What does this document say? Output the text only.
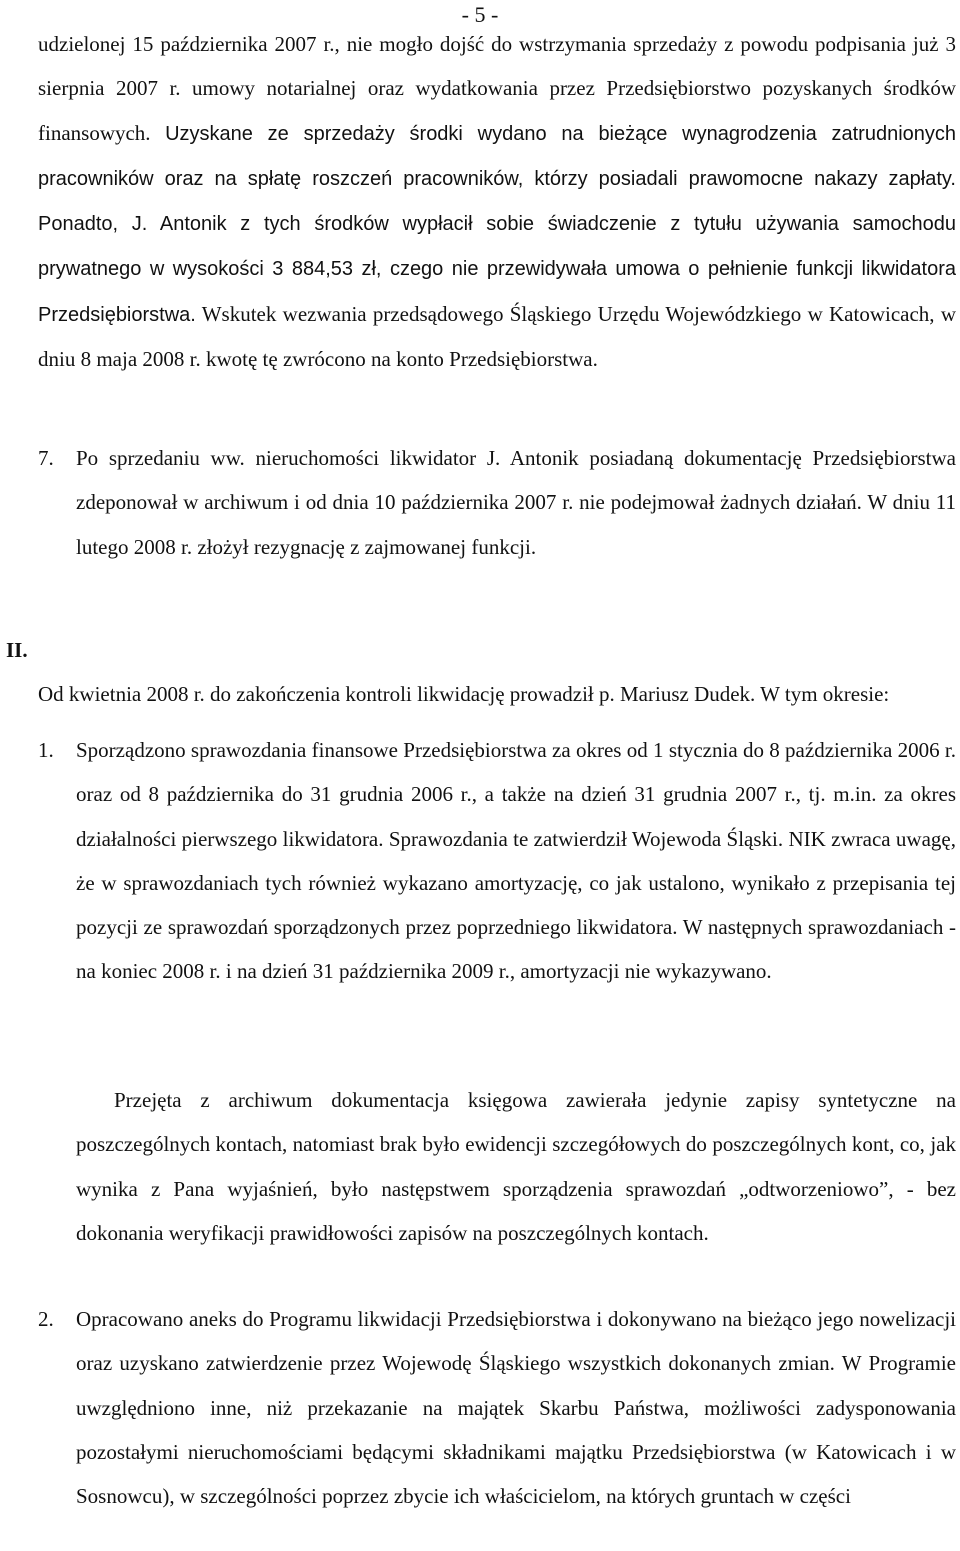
- 5 -
udzielonej 15 października 2007 r., nie mogło dojść do wstrzymania sprzedaży z powodu podpisania już 3 sierpnia 2007 r. umowy notarialnej oraz wydatkowania przez Przedsiębiorstwo pozyskanych środków finansowych. Uzyskane ze sprzedaży środki wydano na bieżące wynagrodzenia zatrudnionych pracowników oraz na spłatę roszczeń pracowników, którzy posiadali prawomocne nakazy zapłaty. Ponadto, J. Antonik z tych środków wypłacił sobie świadczenie z tytułu używania samochodu prywatnego w wysokości 3 884,53 zł, czego nie przewidywała umowa o pełnienie funkcji likwidatora Przedsiębiorstwa. Wskutek wezwania przedsądowego Śląskiego Urzędu Wojewódzkiego w Katowicach, w dniu 8 maja 2008 r. kwotę tę zwrócono na konto Przedsiębiorstwa.
7. Po sprzedaniu ww. nieruchomości likwidator J. Antonik posiadaną dokumentację Przedsiębiorstwa zdeponował w archiwum i od dnia 10 października 2007 r. nie podejmował żadnych działań. W dniu 11 lutego 2008 r. złożył rezygnację z zajmowanej funkcji.
II.
Od kwietnia 2008 r. do zakończenia kontroli likwidację prowadził p. Mariusz Dudek. W tym okresie:
1. Sporządzono sprawozdania finansowe Przedsiębiorstwa za okres od 1 stycznia do 8 października 2006 r. oraz od 8 października do 31 grudnia 2006 r., a także na dzień 31 grudnia 2007 r., tj. m.in. za okres działalności pierwszego likwidatora. Sprawozdania te zatwierdził Wojewoda Śląski. NIK zwraca uwagę, że w sprawozdaniach tych również wykazano amortyzację, co jak ustalono, wynikało z przepisania tej pozycji ze sprawozdań sporządzonych przez poprzedniego likwidatora. W następnych sprawozdaniach - na koniec 2008 r. i na dzień 31 października 2009 r., amortyzacji nie wykazywano.
Przejęta z archiwum dokumentacja księgowa zawierała jedynie zapisy syntetyczne na poszczególnych kontach, natomiast brak było ewidencji szczegółowych do poszczególnych kont, co, jak wynika z Pana wyjaśnień, było następstwem sporządzenia sprawozdań „odtworzeniowo”, - bez dokonania weryfikacji prawidłowości zapisów na poszczególnych kontach.
2. Opracowano aneks do Programu likwidacji Przedsiębiorstwa i dokonywano na bieżąco jego nowelizacji oraz uzyskano zatwierdzenie przez Wojewodę Śląskiego wszystkich dokonanych zmian. W Programie uwzględniono inne, niż przekazanie na majątek Skarbu Państwa, możliwości zadysponowania pozostałymi nieruchomościami będącymi składnikami majątku Przedsiębiorstwa (w Katowicach i w Sosnowcu), w szczególności poprzez zbycie ich właścicielom, na których gruntach w części
